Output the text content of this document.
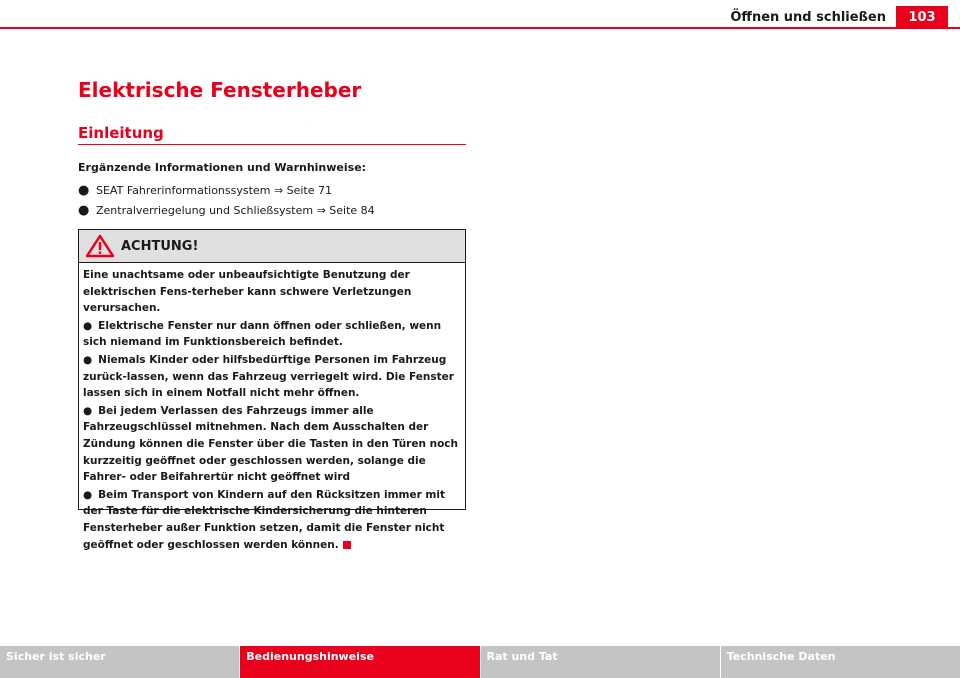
Öffnen und schließen	103
Elektrische Fensterheber
Einleitung
Ergänzende Informationen und Warnhinweise:
● SEAT Fahrerinformationssystem ⇒ Seite 71
● Zentralverriegelung und Schließsystem ⇒ Seite 84
ACHTUNG!

Eine unachtsame oder unbeaufsichtigte Benutzung der elektrischen Fens-terheber kann schwere Verletzungen verursachen.

● Elektrische Fenster nur dann öffnen oder schließen, wenn sich niemand im Funktionsbereich befindet.

● Niemals Kinder oder hilfsbedürftige Personen im Fahrzeug zurück-lassen, wenn das Fahrzeug verriegelt wird. Die Fenster lassen sich in einem Notfall nicht mehr öffnen.

● Bei jedem Verlassen des Fahrzeugs immer alle Fahrzeugschlüssel mitnehmen. Nach dem Ausschalten der Zündung können die Fenster über die Tasten in den Türen noch kurzzeitig geöffnet oder geschlossen werden, solange die Fahrer- oder Beifahrertür nicht geöffnet wird

● Beim Transport von Kindern auf den Rücksitzen immer mit der Taste für die elektrische Kindersicherung die hinteren Fensterheber außer Funktion setzen, damit die Fenster nicht geöffnet oder geschlossen werden können.

Sicher ist sicher	Bedienungshinweise	Rat und Tat	Technische Daten
